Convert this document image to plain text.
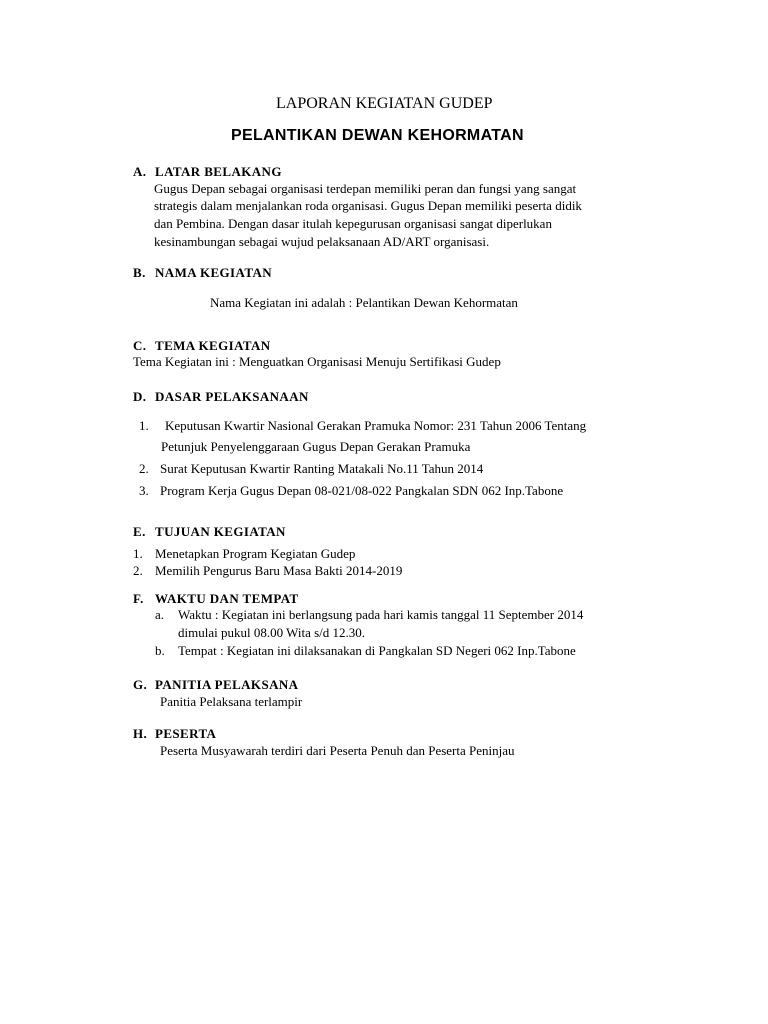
LAPORAN KEGIATAN GUDEP
PELANTIKAN DEWAN KEHORMATAN
A. LATAR BELAKANG
Gugus Depan sebagai organisasi terdepan memiliki peran dan fungsi yang sangat
strategis dalam menjalankan roda organisasi. Gugus Depan memiliki peserta didik
dan Pembina. Dengan dasar itulah kepegurusan organisasi sangat diperlukan
kesinambungan sebagai wujud pelaksanaan AD/ART organisasi.
B. NAMA KEGIATAN
Nama Kegiatan ini adalah : Pelantikan Dewan Kehormatan
C. TEMA KEGIATAN
Tema Kegiatan ini : Menguatkan Organisasi Menuju Sertifikasi Gudep
D. DASAR PELAKSANAAN
1. Keputusan Kwartir Nasional Gerakan Pramuka Nomor: 231 Tahun 2006 Tentang
Petunjuk Penyelenggaraan Gugus Depan Gerakan Pramuka
2. Surat Keputusan Kwartir Ranting Matakali No.11 Tahun 2014
3. Program Kerja Gugus Depan 08-021/08-022 Pangkalan SDN 062 Inp.Tabone
E. TUJUAN KEGIATAN
1. Menetapkan Program Kegiatan Gudep
2. Memilih Pengurus Baru Masa Bakti 2014-2019
F. WAKTU DAN TEMPAT
a. Waktu : Kegiatan ini berlangsung pada hari kamis tanggal 11 September 2014
dimulai pukul 08.00 Wita s/d 12.30.
b. Tempat : Kegiatan ini dilaksanakan di Pangkalan SD Negeri 062 Inp.Tabone
G. PANITIA PELAKSANA
Panitia Pelaksana terlampir
H. PESERTA
Peserta Musyawarah terdiri dari Peserta Penuh dan Peserta Peninjau
